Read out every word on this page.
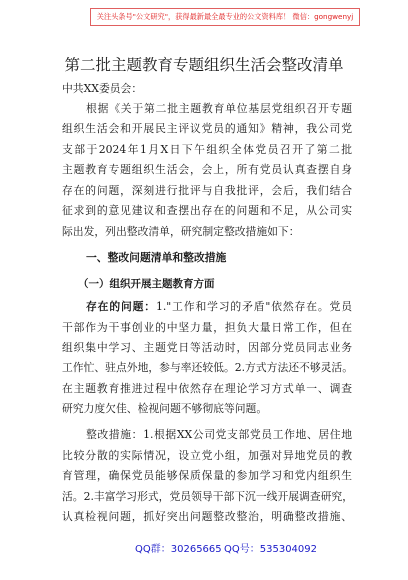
关注头条号"公文研究"，获得最新最全最专业的公文资料库！ 微信：gongwenyj
第二批主题教育专题组织生活会整改清单
中共XX委员会：
根据《关于第二批主题教育单位基层党组织召开专题
组织生活会和开展民主评议党员的通知》精神，我公司党
支部于2024年1月X日下午组织全体党员召开了第二批
主题教育专题组织生活会，会上，所有党员认真查摆自身
存在的问题，深刻进行批评与自我批评，会后，我们结合
征求到的意见建议和查摆出存在的问题和不足，从公司实
际出发，列出整改清单，研究制定整改措施如下：
一、整改问题清单和整改措施
（一）组织开展主题教育方面
存在的问题：1."工作和学习的矛盾"依然存在。党员
干部作为干事创业的中坚力量，担负大量日常工作，但在
组织集中学习、主题党日等活动时，因部分党员同志业务
工作忙、驻点外地，参与率还较低。2.方式方法还不够灵活。
在主题教育推进过程中依然存在理论学习方式单一、调查
研究力度欠佳、检视问题不够彻底等问题。
整改措施：1.根据XX公司党支部党员工作地、居住地
比较分散的实际情况，设立党小组，加强对异地党员的教
育管理，确保党员能够保质保量的参加学习和党内组织生
活。2.丰富学习形式，党员领导干部下沉一线开展调查研究，
认真检视问题，抓好突出问题整改整治，明确整改措施、
QQ群：30265665 QQ号：535304092
